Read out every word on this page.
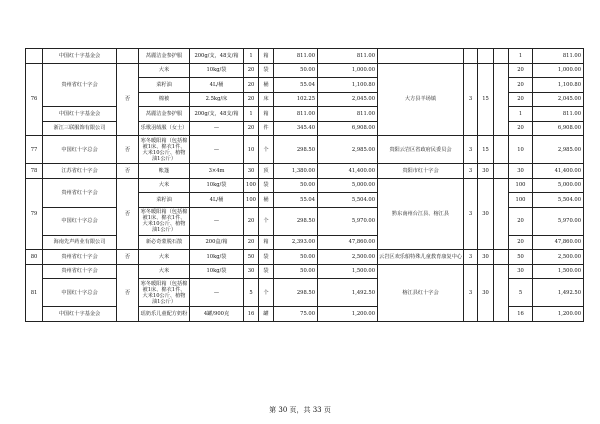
	中国红十字基金会		莴麗洁金参护服	200g/支，48支/箱	1	箱	811.00	811.00					1	811.00
76	贵州省红十字会	否	大米	10kg/袋	20	袋	50.00	1,000.00	大方县羊场镇	3	15		20	1,000.00
			菜籽油	4L/桶	20	桶	55.04	1,100.80					20	1,100.80
			棉被	2.5kg/床	20	床	102.25	2,045.00					20	2,045.00
	中国红十字基金会		莴麗洁金参护服	200g/支，48支/箱	1	箱	811.00	811.00					1	811.00
	浙江三联服饰有限公司		乐歌羽绒服（女士）	—	20	件	345.40	6,908.00					20	6,908.00
77	中国红十字总会	否	寒冬暖阳箱（包括棉被1床、棉衣1件、大米10公斤、植物油1公斤）	—	10	个	298.50	2,985.00	贵阳云岩区省政府民委员会	3	15		10	2,985.00
78	江苏省红十字会	否	帐篷	3×4m	30	顶	1,380.00	41,400.00	贵阳市红十字会	3	30		30	41,400.00
79	贵州省红十字会	否	大米	10kg/袋	100	袋	50.00	5,000.00	黔东南州台江县、榕江县	3	30		100	5,000.00
			菜籽油	4L/桶	100	桶	55.04	5,504.00					100	5,504.00
	中国红十字总会		寒冬暖阳箱（包括棉被1床、棉衣1件、大米10公斤、植物油1公斤）	—	20	个	298.50	5,970.00					20	5,970.00
	海南先声药业有限公司		新必奇蒙脱石散	200盒/箱	20	箱	2,393.00	47,860.00					20	47,860.00
80	贵州省红十字会	否	大米	10kg/袋	50	袋	50.00	2,500.00	云岩区欢乐船特殊儿童教育康复中心	3	30		50	2,500.00
81	贵州省红十字会	否	大米	10kg/袋	30	袋	50.00	1,500.00	榕江县红十字会	3	30		30	1,500.00
	中国红十字总会		寒冬暖阳箱（包括棉被1床、棉衣1件、大米10公斤、植物油1公斤）	—	5	个	298.50	1,492.50					5	1,492.50
	中国红十字基金会		瑶奶乐儿童配方奶粉	4罐/900克	16	罐	75.00	1,200.00					16	1,200.00
第 30 页，共 33 页
